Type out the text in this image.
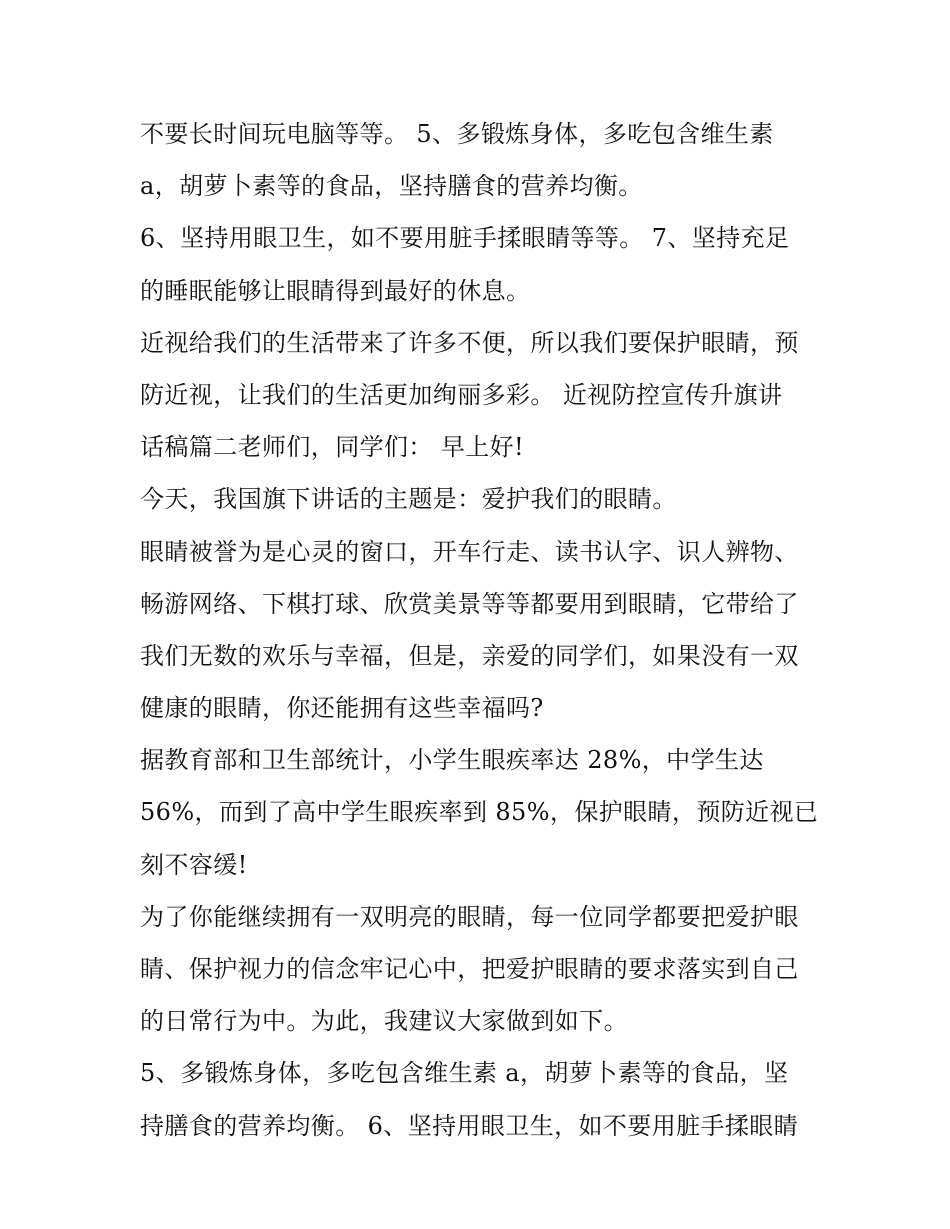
不要长时间玩电脑等等。 5、多锻炼身体，多吃包含维生素
a，胡萝卜素等的食品，坚持膳食的营养均衡。
6、坚持用眼卫生，如不要用脏手揉眼睛等等。 7、坚持充足
的睡眠能够让眼睛得到最好的休息。
近视给我们的生活带来了许多不便，所以我们要保护眼睛，预
防近视，让我们的生活更加绚丽多彩。 近视防控宣传升旗讲
话稿篇二老师们，同学们： 早上好!
今天，我国旗下讲话的主题是：爱护我们的眼睛。
眼睛被誉为是心灵的窗口，开车行走、读书认字、识人辨物、
畅游网络、下棋打球、欣赏美景等等都要用到眼睛，它带给了
我们无数的欢乐与幸福，但是，亲爱的同学们，如果没有一双
健康的眼睛，你还能拥有这些幸福吗?
据教育部和卫生部统计，小学生眼疾率达 28%，中学生达
56%，而到了高中学生眼疾率到 85%，保护眼睛，预防近视已
刻不容缓!
为了你能继续拥有一双明亮的眼睛，每一位同学都要把爱护眼
睛、保护视力的信念牢记心中，把爱护眼睛的要求落实到自己
的日常行为中。为此，我建议大家做到如下。
5、多锻炼身体，多吃包含维生素 a，胡萝卜素等的食品，坚
持膳食的营养均衡。 6、坚持用眼卫生，如不要用脏手揉眼睛
